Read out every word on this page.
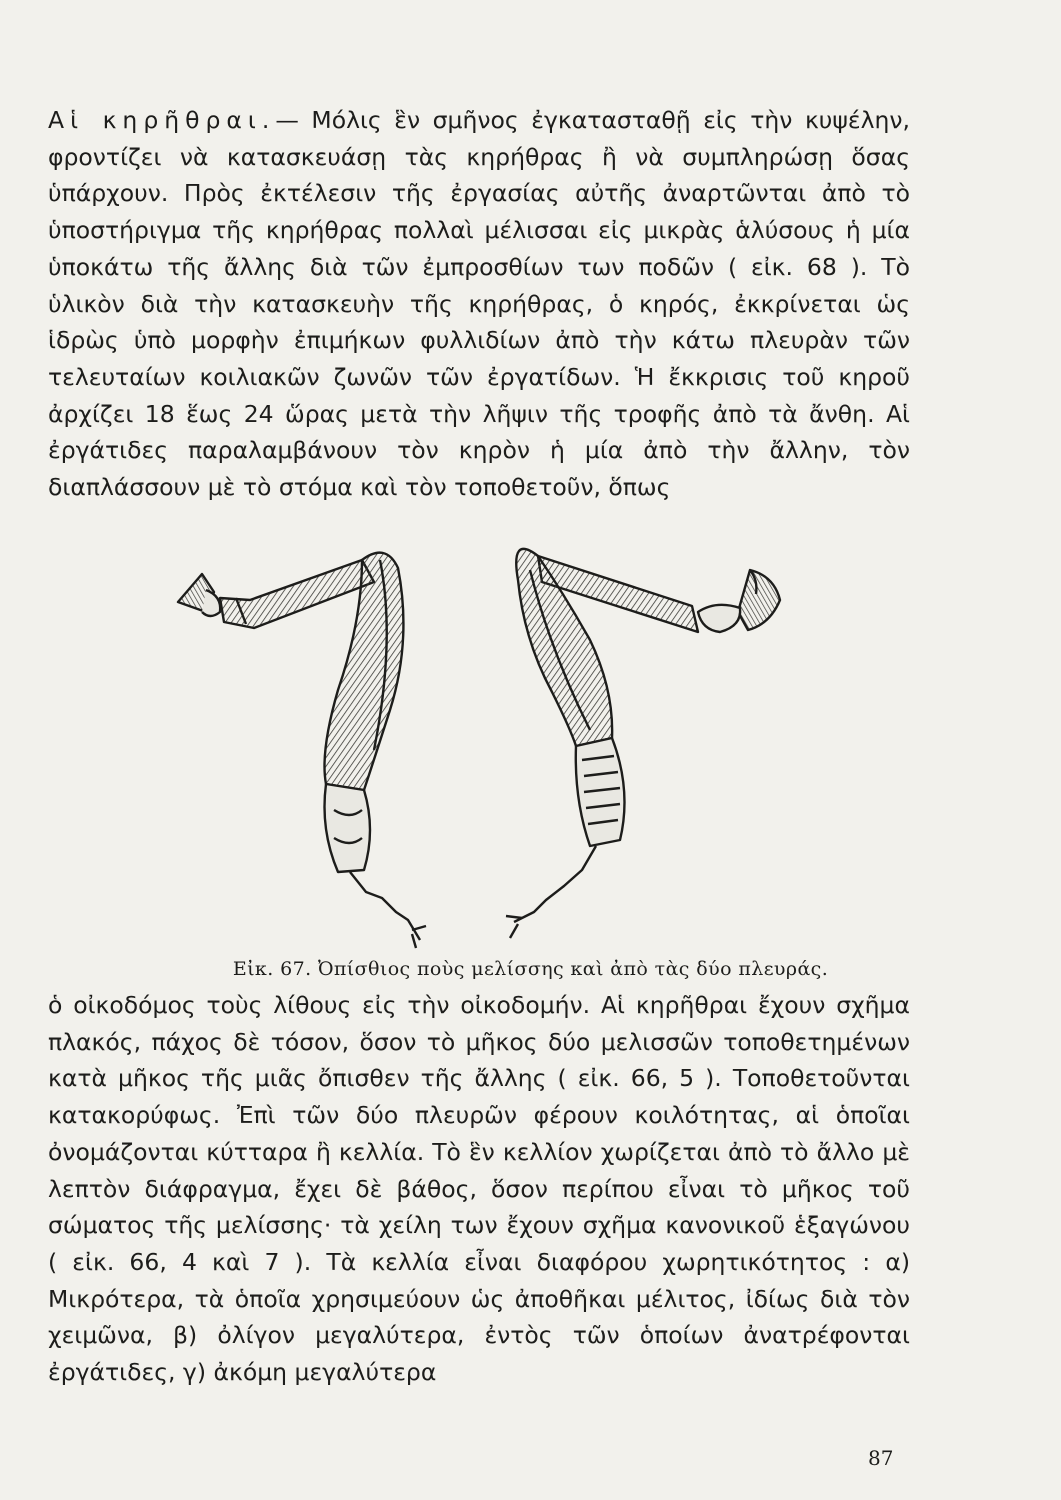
Αἱ κηρῆθραι.— Μόλις ἓν σμῆνος ἐγκατασταθῇ εἰς τὴν κυψέλην, φροντίζει νὰ κατασκευάσῃ τὰς κηρήθρας ἢ νὰ συμπληρώσῃ ὅσας ὑπάρχουν. Πρὸς ἐκτέλεσιν τῆς ἐργασίας αὐτῆς ἀναρτῶνται ἀπὸ τὸ ὑποστήριγμα τῆς κηρήθρας πολλαὶ μέλισσαι εἰς μικρὰς ἁλύσους ἡ μία ὑποκάτω τῆς ἄλλης διὰ τῶν ἐμπροσθίων των ποδῶν ( εἰκ. 68 ). Τὸ ὑλικὸν διὰ τὴν κατασκευὴν τῆς κηρήθρας, ὁ κηρός, ἐκκρίνεται ὡς ἱδρὼς ὑπὸ μορφὴν ἐπιμήκων φυλλιδίων ἀπὸ τὴν κάτω πλευρὰν τῶν τελευταίων κοιλιακῶν ζωνῶν τῶν ἐργατίδων. Ἡ ἔκκρισις τοῦ κηροῦ ἀρχίζει 18 ἕως 24 ὥρας μετὰ τὴν λῆψιν τῆς τροφῆς ἀπὸ τὰ ἄνθη. Αἱ ἐργάτιδες παραλαμβάνουν τὸν κηρὸν ἡ μία ἀπὸ τὴν ἄλλην, τὸν διαπλάσσουν μὲ τὸ στόμα καὶ τὸν τοποθετοῦν, ὅπως

Εἰκ. 67. Ὀπίσθιος ποὺς μελίσσης καὶ ἀπὸ τὰς δύο πλευράς.

ὁ οἰκοδόμος τοὺς λίθους εἰς τὴν οἰκοδομήν. Αἱ κηρῆθραι ἔχουν σχῆμα πλακός, πάχος δὲ τόσον, ὅσον τὸ μῆκος δύο μελισσῶν τοποθετημένων κατὰ μῆκος τῆς μιᾶς ὄπισθεν τῆς ἄλλης ( εἰκ. 66, 5 ). Τοποθετοῦνται κατακορύφως. Ἐπὶ τῶν δύο πλευρῶν φέρουν κοιλότητας, αἱ ὁποῖαι ὀνομάζονται κύτταρα ἢ κελλία. Τὸ ἓν κελλίον χωρίζεται ἀπὸ τὸ ἄλλο μὲ λεπτὸν διάφραγμα, ἔχει δὲ βάθος, ὅσον περίπου εἶναι τὸ μῆκος τοῦ σώματος τῆς μελίσσης· τὰ χείλη των ἔχουν σχῆμα κανονικοῦ ἑξαγώνου ( εἰκ. 66, 4 καὶ 7 ). Τὰ κελλία εἶναι διαφόρου χωρητικότητος : α) Μικρότερα, τὰ ὁποῖα χρησιμεύουν ὡς ἀποθῆκαι μέλιτος, ἰδίως διὰ τὸν χειμῶνα, β) ὀλίγον μεγαλύτερα, ἐντὸς τῶν ὁποίων ἀνατρέφονται ἐργάτιδες, γ) ἀκόμη μεγαλύτερα

87
